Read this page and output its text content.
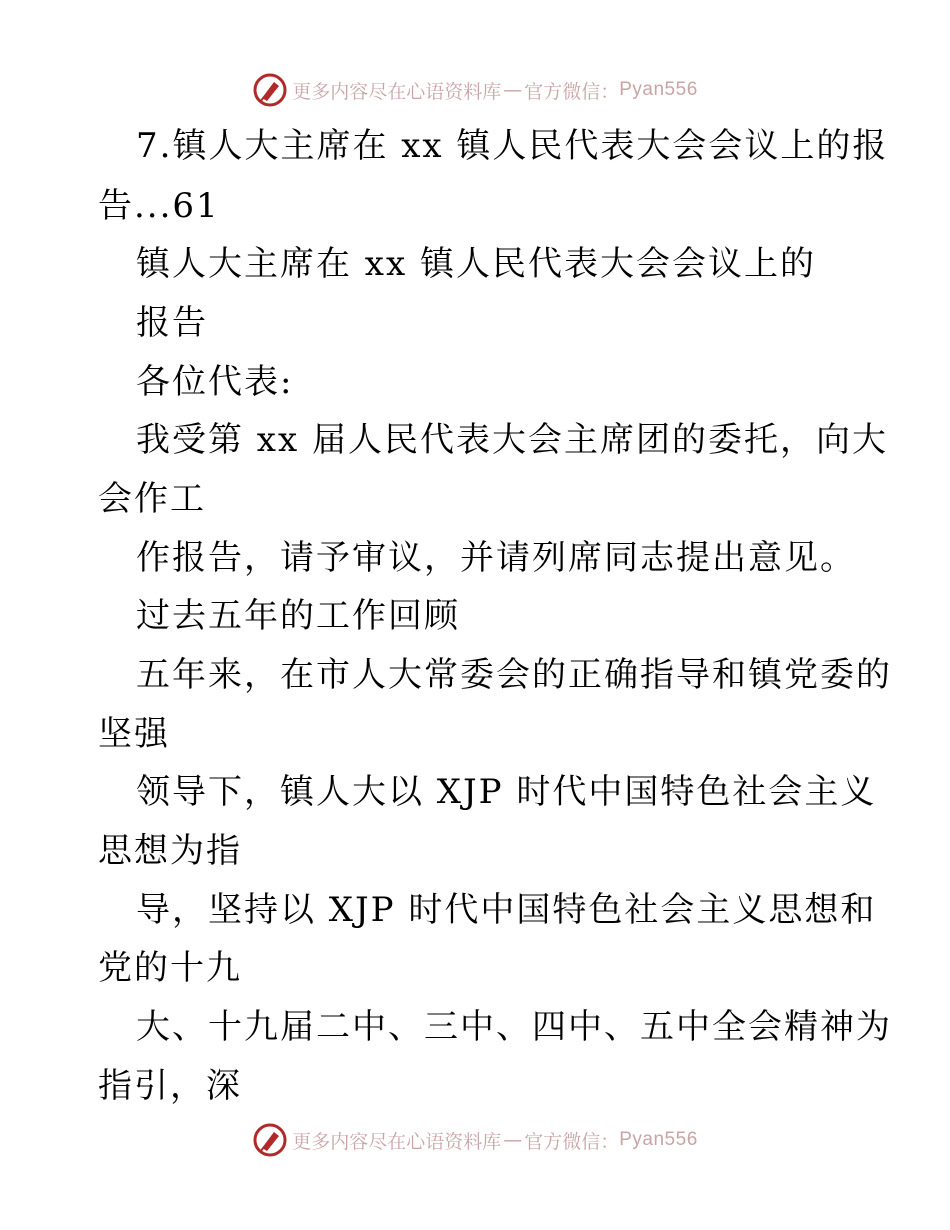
更多内容尽在心语资料库 — 官方微信： Pyan556
7.镇人大主席在 xx 镇人民代表大会会议上的报
告...61
镇人大主席在 xx 镇人民代表大会会议上的
报告
各位代表:
我受第 xx 届人民代表大会主席团的委托，向大
会作工
作报告，请予审议，并请列席同志提出意见。
过去五年的工作回顾
五年来，在市人大常委会的正确指导和镇党委的
坚强
领导下，镇人大以 XJP 时代中国特色社会主义
思想为指
导，坚持以 XJP 时代中国特色社会主义思想和
党的十九
大、十九届二中、三中、四中、五中全会精神为
指引，深
更多内容尽在心语资料库 — 官方微信： Pyan556
